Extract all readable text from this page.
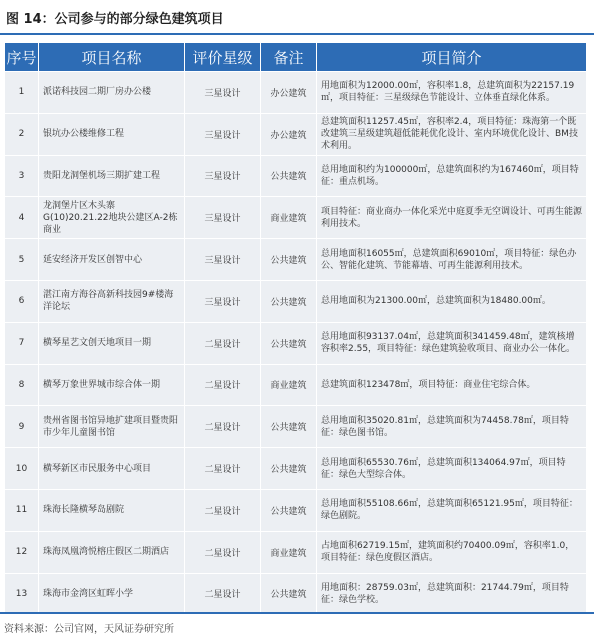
图 14：公司参与的部分绿色建筑项目
序号	项目名称	评价星级	备注	项目简介
1	派诺科技园二期厂房办公楼	三星设计	办公建筑	用地面积为12000.00㎡，容积率1.8，总建筑面积为22157.19㎡，项目特征：三星级绿色节能设计、立体垂直绿化体系。
2	银坑办公楼维修工程	三星设计	办公建筑	总建筑面积11257.45㎡，容积率2.4，项目特征：珠海第一个既改建筑三星级建筑超低能耗优化设计、室内环境优化设计、BM技术利用。
3	贵阳龙洞堡机场三期扩建工程	三星设计	公共建筑	总用地面积约为100000㎡，总建筑面积约为167460㎡，项目特征：重点机场。
4	龙洞堡片区木头寨G(10)20.21.22地块公建区A-2栋商业	三星设计	商业建筑	项目特征：商业商办一体化采光中庭夏季无空调设计、可再生能源利用技术。
5	延安经济开发区创智中心	三星设计	公共建筑	总用地面积16055㎡，总建筑面积69010㎡，项目特征：绿色办公、智能化建筑、节能幕墙、可再生能源利用技术。
6	湛江南方海谷高新科技园9#楼海洋论坛	三星设计	公共建筑	总用地面积为21300.00㎡，总建筑面积为18480.00㎡。
7	横琴星艺文创天地项目一期	二星设计	公共建筑	总用地面积93137.04㎡，总建筑面积341459.48㎡，建筑核增容积率2.55，项目特征：绿色建筑验收项目、商业办公一体化。
8	横琴万象世界城市综合体一期	二星设计	商业建筑	总建筑面积123478㎡，项目特征：商业住宅综合体。
9	贵州省图书馆异地扩建项目暨贵阳市少年儿童图书馆	二星设计	公共建筑	总用地面积35020.81㎡，总建筑面积为74458.78㎡，项目特征：绿色图书馆。
10	横琴新区市民服务中心项目	二星设计	公共建筑	总用地面积65530.76㎡，总建筑面积134064.97㎡，项目特征：绿色大型综合体。
11	珠海长隆横琴岛剧院	二星设计	公共建筑	总用地面积55108.66㎡，总建筑面积65121.95㎡，项目特征：绿色剧院。
12	珠海凤凰湾悦榕庄假区二期酒店	二星设计	商业建筑	占地面积62719.15㎡，建筑面积约70400.09㎡，容积率1.0，项目特征：绿色度假区酒店。
13	珠海市金湾区虹晖小学	二星设计	公共建筑	用地面积：28759.03㎡，总建筑面积：21744.79㎡，项目特征：绿色学校。
资料来源：公司官网，天风证券研究所
